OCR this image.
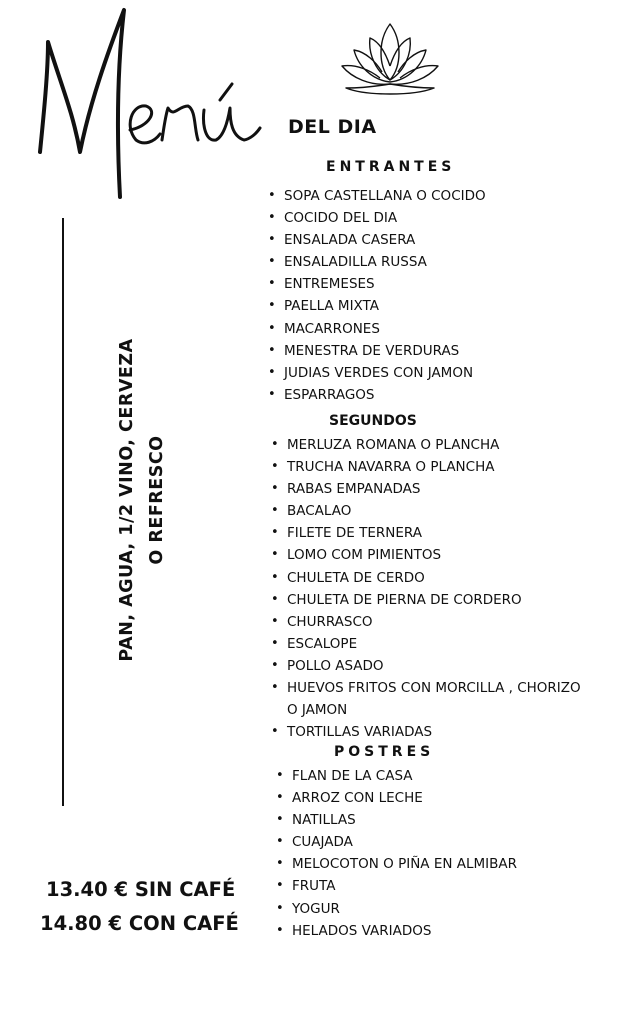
DEL DIA
PAN, AGUA, 1/2 VINO, CERVEZA O REFRESCO

13.40 € SIN CAFÉ

14.80 € CON CAFÉ

ENTRANTES
• SOPA CASTELLANA O COCIDO
• COCIDO DEL DIA
• ENSALADA CASERA
• ENSALADILLA RUSSA
• ENTREMESES
• PAELLA MIXTA
• MACARRONES
• MENESTRA DE VERDURAS
• JUDIAS VERDES CON JAMON
• ESPARRAGOS
SEGUNDOS
• MERLUZA ROMANA O PLANCHA
• TRUCHA NAVARRA O PLANCHA
• RABAS EMPANADAS
• BACALAO
• FILETE DE TERNERA
• LOMO COM PIMIENTOS
• CHULETA DE CERDO
• CHULETA DE PIERNA DE CORDERO
• CHURRASCO
• ESCALOPE
• POLLO ASADO
• HUEVOS FRITOS CON MORCILLA , CHORIZO
O JAMON
• TORTILLAS VARIADAS
POSTRES
• FLAN DE LA CASA
• ARROZ CON LECHE
• NATILLAS
• CUAJADA
• MELOCOTON O PIÑA EN ALMIBAR
• FRUTA
• YOGUR
• HELADOS VARIADOS
